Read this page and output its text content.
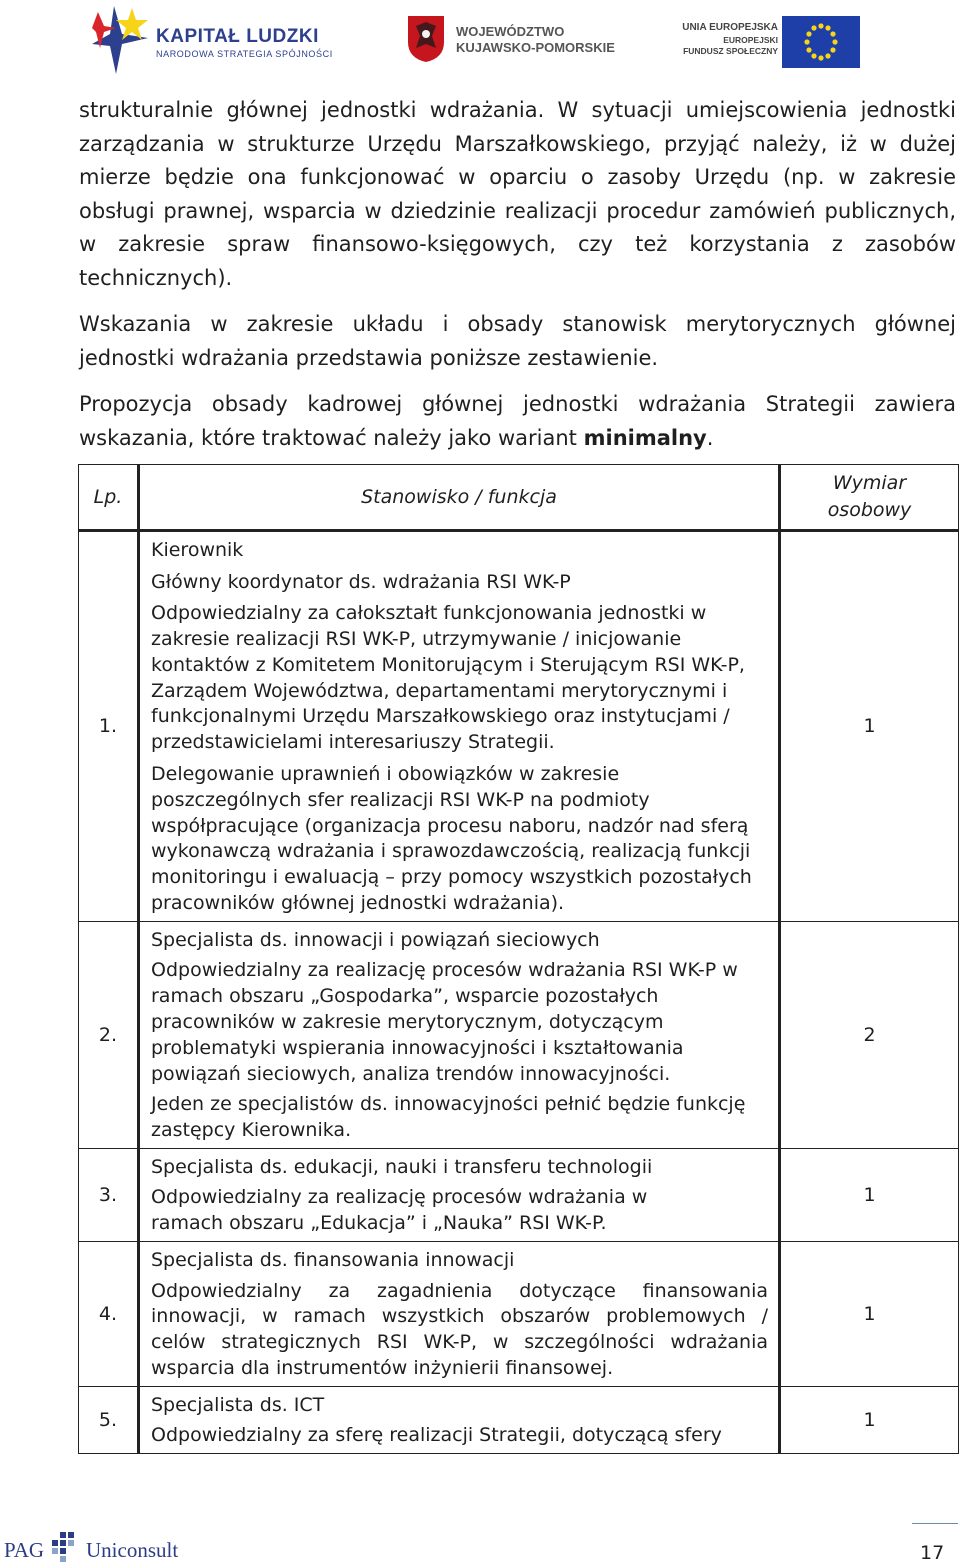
KAPITAŁ LUDZKI
NARODOWA STRATEGIA SPÓJNOŚCI
WOJEWÓDZTWO
KUJAWSKO-POMORSKIE
UNIA EUROPEJSKA
EUROPEJSKI
FUNDUSZ SPOŁECZNY

strukturalnie głównej jednostki wdrażania. W sytuacji umiejscowienia jednostki zarządzania w strukturze Urzędu Marszałkowskiego, przyjąć należy, iż w dużej mierze będzie ona funkcjonować w oparciu o zasoby Urzędu (np. w zakresie obsługi prawnej, wsparcia w dziedzinie realizacji procedur zamówień publicznych, w zakresie spraw finansowo-księgowych, czy też korzystania z zasobów technicznych).

Wskazania w zakresie układu i obsady stanowisk merytorycznych głównej jednostki wdrażania przedstawia poniższe zestawienie.

Propozycja obsady kadrowej głównej jednostki wdrażania Strategii zawiera wskazania, które traktować należy jako wariant minimalny.

Lp.	Stanowisko / funkcja	Wymiar
osobowy

1.	Kierownik
Główny koordynator ds. wdrażania RSI WK-P
Odpowiedzialny za całokształt funkcjonowania jednostki w zakresie realizacji RSI WK-P, utrzymywanie / inicjowanie kontaktów z Komitetem Monitorującym i Sterującym RSI WK-P, Zarządem Województwa, departamentami merytorycznymi i funkcjonalnymi Urzędu Marszałkowskiego oraz instytucjami / przedstawicielami interesariuszy Strategii.
Delegowanie uprawnień i obowiązków w zakresie poszczególnych sfer realizacji RSI WK-P na podmioty współpracujące (organizacja procesu naboru, nadzór nad sferą wykonawczą wdrażania i sprawozdawczością, realizacją funkcji monitoringu i ewaluacją – przy pomocy wszystkich pozostałych pracowników głównej jednostki wdrażania).	1
2.	Specjalista ds. innowacji i powiązań sieciowych
Odpowiedzialny za realizację procesów wdrażania RSI WK-P w ramach obszaru „Gospodarka”, wsparcie pozostałych pracowników w zakresie merytorycznym, dotyczącym problematyki wspierania innowacyjności i kształtowania powiązań sieciowych, analiza trendów innowacyjności.
Jeden ze specjalistów ds. innowacyjności pełnić będzie funkcję zastępcy Kierownika.	2
3.	Specjalista ds. edukacji, nauki i transferu technologii
Odpowiedzialny za realizację procesów wdrażania w ramach obszaru „Edukacja” i „Nauka” RSI WK-P.	1
4.	Specjalista ds. finansowania innowacji
Odpowiedzialny za zagadnienia dotyczące finansowania innowacji, w ramach wszystkich obszarów problemowych / celów strategicznych RSI WK-P, w szczególności wdrażania wsparcia dla instrumentów inżynierii finansowej.	1
5.	Specjalista ds. ICT
Odpowiedzialny za sferę realizacji Strategii, dotyczącą sfery	1
PAG Uniconsult	17
